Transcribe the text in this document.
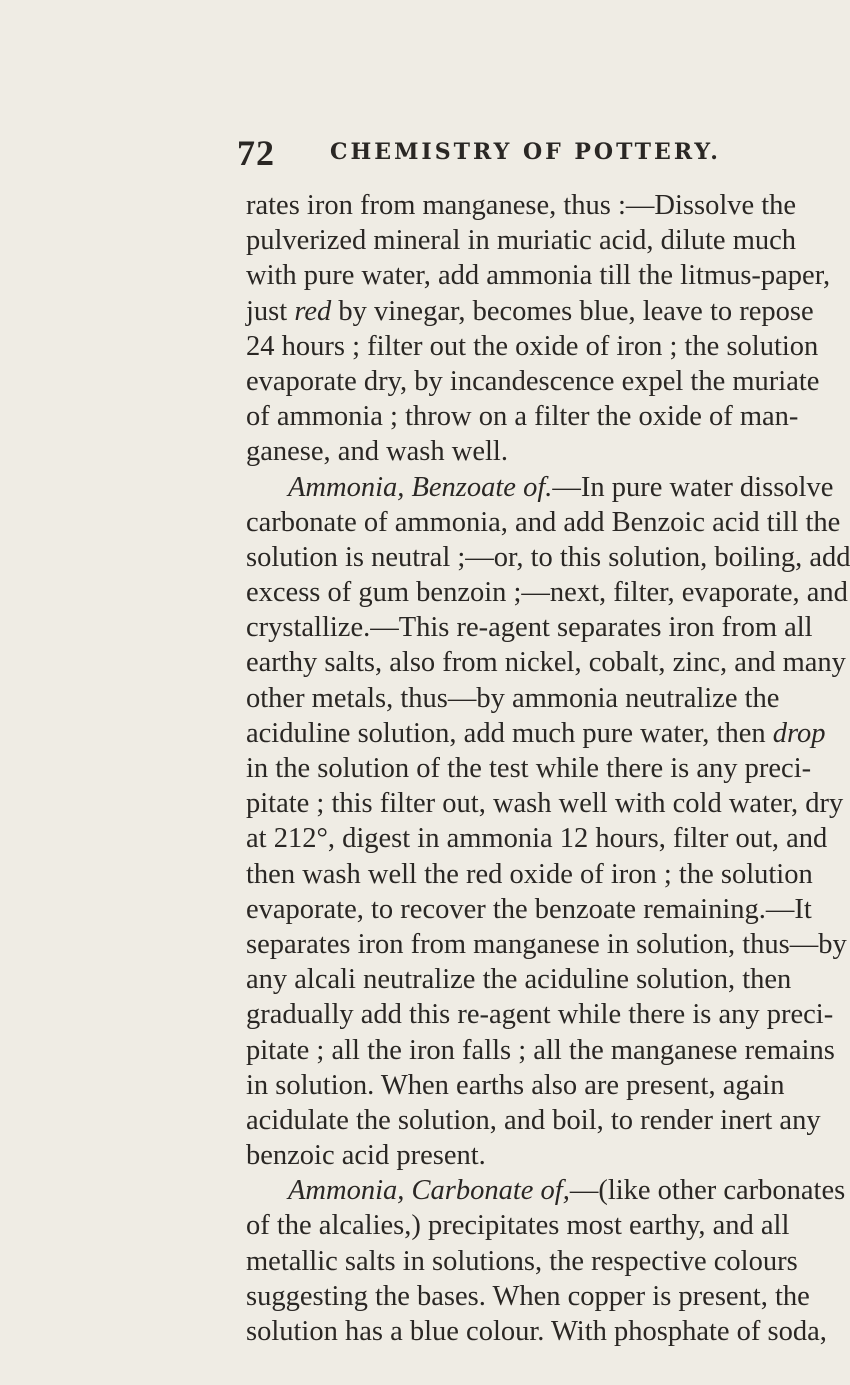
72	CHEMISTRY OF POTTERY.
rates iron from manganese, thus :—Dissolve the
pulverized mineral in muriatic acid, dilute much
with pure water, add ammonia till the litmus-paper,
just red by vinegar, becomes blue, leave to repose
24 hours ; filter out the oxide of iron ; the solution
evaporate dry, by incandescence expel the muriate
of ammonia ; throw on a filter the oxide of man-
ganese, and wash well.
Ammonia, Benzoate of.—In pure water dissolve
carbonate of ammonia, and add Benzoic acid till the
solution is neutral ;—or, to this solution, boiling, add
excess of gum benzoin ;—next, filter, evaporate, and
crystallize.—This re-agent separates iron from all
earthy salts, also from nickel, cobalt, zinc, and many
other metals, thus—by ammonia neutralize the
aciduline solution, add much pure water, then drop
in the solution of the test while there is any preci-
pitate ; this filter out, wash well with cold water, dry
at 212°, digest in ammonia 12 hours, filter out, and
then wash well the red oxide of iron ; the solution
evaporate, to recover the benzoate remaining.—It
separates iron from manganese in solution, thus—by
any alcali neutralize the aciduline solution, then
gradually add this re-agent while there is any preci-
pitate ; all the iron falls ; all the manganese remains
in solution. When earths also are present, again
acidulate the solution, and boil, to render inert any
benzoic acid present.
Ammonia, Carbonate of,—(like other carbonates
of the alcalies,) precipitates most earthy, and all
metallic salts in solutions, the respective colours
suggesting the bases. When copper is present, the
solution has a blue colour. With phosphate of soda,
